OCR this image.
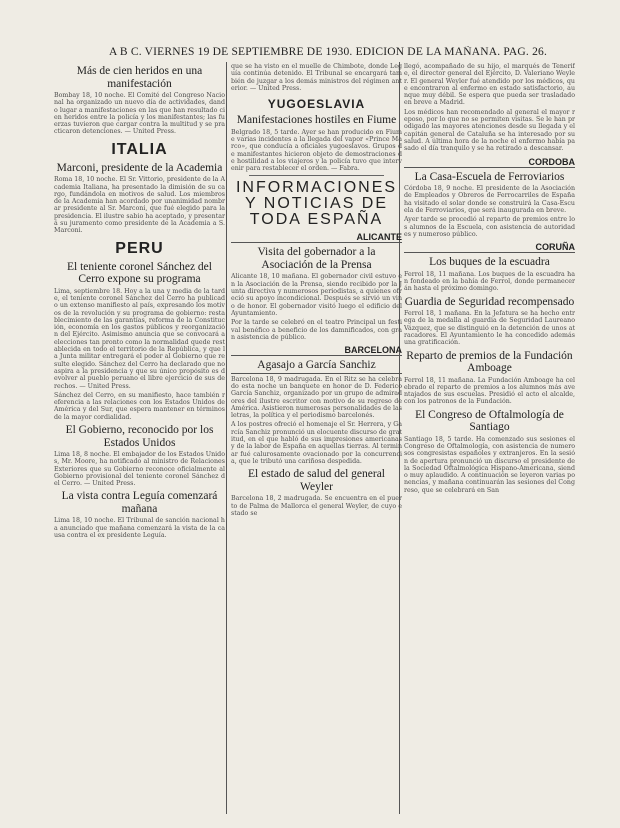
A B C. VIERNES 19 DE SEPTIEMBRE DE 1930. EDICION DE LA MAÑANA. PAG. 26.
Más de cien heridos en una manifestación
Bombay 18, 10 noche. El Comité del Congreso Nacional ha organizado un nuevo día de actividades, dando lugar a manifestaciones en las que han resultado cien heridos entre la policía y los manifestantes; las fuerzas tuvieron que cargar contra la multitud y se practicaron detenciones. — United Press.
ITALIA
Marconi, presidente de la Academia
Roma 18, 10 noche. El Sr. Vittorio, presidente de la Academia Italiana, ha presentado la dimisión de su cargo, fundándola en motivos de salud. Los miembros de la Academia han acordado por unanimidad nombrar presidente al Sr. Marconi, que fué elegido para la presidencia. El ilustre sabio ha aceptado, y presentará su juramento como presidente de la Academia a S. Marconi.
PERU
El teniente coronel Sánchez del Cerro expone su programa
Lima, septiembre 18. Hoy a la una y media de la tarde, el teniente coronel Sánchez del Cerro ha publicado un extenso manifiesto al país, expresando los motivos de la revolución y su programa de gobierno: restablecimiento de las garantías, reforma de la Constitución, economía en los gastos públicos y reorganización del Ejército. Asimismo anuncia que se convocará a elecciones tan pronto como la normalidad quede restablecida en todo el territorio de la República, y que la Junta militar entregará el poder al Gobierno que resulte elegido. Sánchez del Cerro ha declarado que no aspira a la presidencia y que su único propósito es devolver al pueblo peruano el libre ejercicio de sus derechos. — United Press.
Sánchez del Cerro, en su manifiesto, hace también referencia a las relaciones con los Estados Unidos de América y del Sur, que espera mantener en términos de la mayor cordialidad.
El Gobierno, reconocido por los Estados Unidos
Lima 18, 8 noche. El embajador de los Estados Unidos, Mr. Moore, ha notificado al ministro de Relaciones Exteriores que su Gobierno reconoce oficialmente al Gobierno provisional del teniente coronel Sánchez del Cerro. — United Press.
La vista contra Leguía comenzará mañana
Lima 18, 10 noche. El Tribunal de sanción nacional ha anunciado que mañana comenzará la vista de la causa contra el ex presidente Leguía.
que se ha visto en el muelle de Chimbote, donde Leguía continúa detenido. El Tribunal se encargará también de juzgar a los demás ministros del régimen anterior. — United Press.
YUGOESLAVIA
Manifestaciones hostiles en Fiume
Belgrado 18, 5 tarde. Ayer se han producido en Fiume varias incidentes a la llegada del vapor «Prince Marco», que conducía a oficiales yugoeslavos. Grupos de manifestantes hicieron objeto de demostraciones de hostilidad a los viajeros y la policía tuvo que intervenir para restablecer el orden. — Fabra.
INFORMACIONES Y NOTICIAS DE TODA ESPAÑA
ALICANTE
Visita del gobernador a la Asociación de la Prensa
Alicante 18, 10 mañana. El gobernador civil estuvo en la Asociación de la Prensa, siendo recibido por la Junta directiva y numerosos periodistas, a quienes ofreció su apoyo incondicional. Después se sirvió un vino de honor. El gobernador visitó luego el edificio del Ayuntamiento.
Por la tarde se celebró en el teatro Principal un festival benéfico a beneficio de los damnificados, con gran asistencia de público.
BARCELONA
Agasajo a García Sanchiz
Barcelona 18, 9 madrugada. En el Ritz se ha celebrado esta noche un banquete en honor de D. Federico García Sanchiz, organizado por un grupo de admiradores del ilustre escritor con motivo de su regreso de América. Asistieron numerosas personalidades de las letras, la política y el periodismo barcelonés.
A los postres ofreció el homenaje el Sr. Herrera, y García Sanchiz pronunció un elocuente discurso de gratitud, en el que habló de sus impresiones americanas y de la labor de España en aquellas tierras. Al terminar fué calurosamente ovacionado por la concurrencia, que le tributó una cariñosa despedida.
El estado de salud del general Weyler
Barcelona 18, 2 madrugada. Se encuentra en el puerto de Palma de Mallorca el general Weyler, de cuyo estado se
llegó, acompañado de su hijo, el marqués de Tenerife, el director general del Ejército, D. Valeriano Weyler. El general Weyler fué atendido por los médicos, que encontraron al enfermo en estado satisfactorio, aunque muy débil. Se espera que pueda ser trasladado en breve a Madrid.
Los médicos han recomendado al general el mayor reposo, por lo que no se permiten visitas. Se le han prodigado las mayores atenciones desde su llegada y el capitán general de Cataluña se ha interesado por su salud. A última hora de la noche el enfermo había pasado el día tranquilo y se ha retirado a descansar.
CORDOBA
La Casa-Escuela de Ferroviarios
Córdoba 18, 9 noche. El presidente de la Asociación de Empleados y Obreros de Ferrocarriles de España ha visitado el solar donde se construirá la Casa-Escuela de Ferroviarios, que será inaugurada en breve.
Ayer tarde se procedió al reparto de premios entre los alumnos de la Escuela, con asistencia de autoridades y numeroso público.
CORUÑA
Los buques de la escuadra
Ferrol 18, 11 mañana. Los buques de la escuadra han fondeado en la bahía de Ferrol, donde permanecerán hasta el próximo domingo.
Guardia de Seguridad recompensado
Ferrol 18, 1 mañana. En la Jefatura se ha hecho entrega de la medalla al guardia de Seguridad Laureano Vázquez, que se distinguió en la detención de unos atracadores. El Ayuntamiento le ha concedido además una gratificación.
Reparto de premios de la Fundación Amboage
Ferrol 18, 11 mañana. La Fundación Amboage ha celebrado el reparto de premios a los alumnos más aventajados de sus escuelas. Presidió el acto el alcalde, con los patronos de la Fundación.
El Congreso de Oftalmología de Santiago
Santiago 18, 5 tarde. Ha comenzado sus sesiones el Congreso de Oftalmología, con asistencia de numerosos congresistas españoles y extranjeros. En la sesión de apertura pronunció un discurso el presidente de la Sociedad Oftalmológica Hispano-Americana, siendo muy aplaudido. A continuación se leyeron varias ponencias, y mañana continuarán las sesiones del Congreso, que se celebrará en San
